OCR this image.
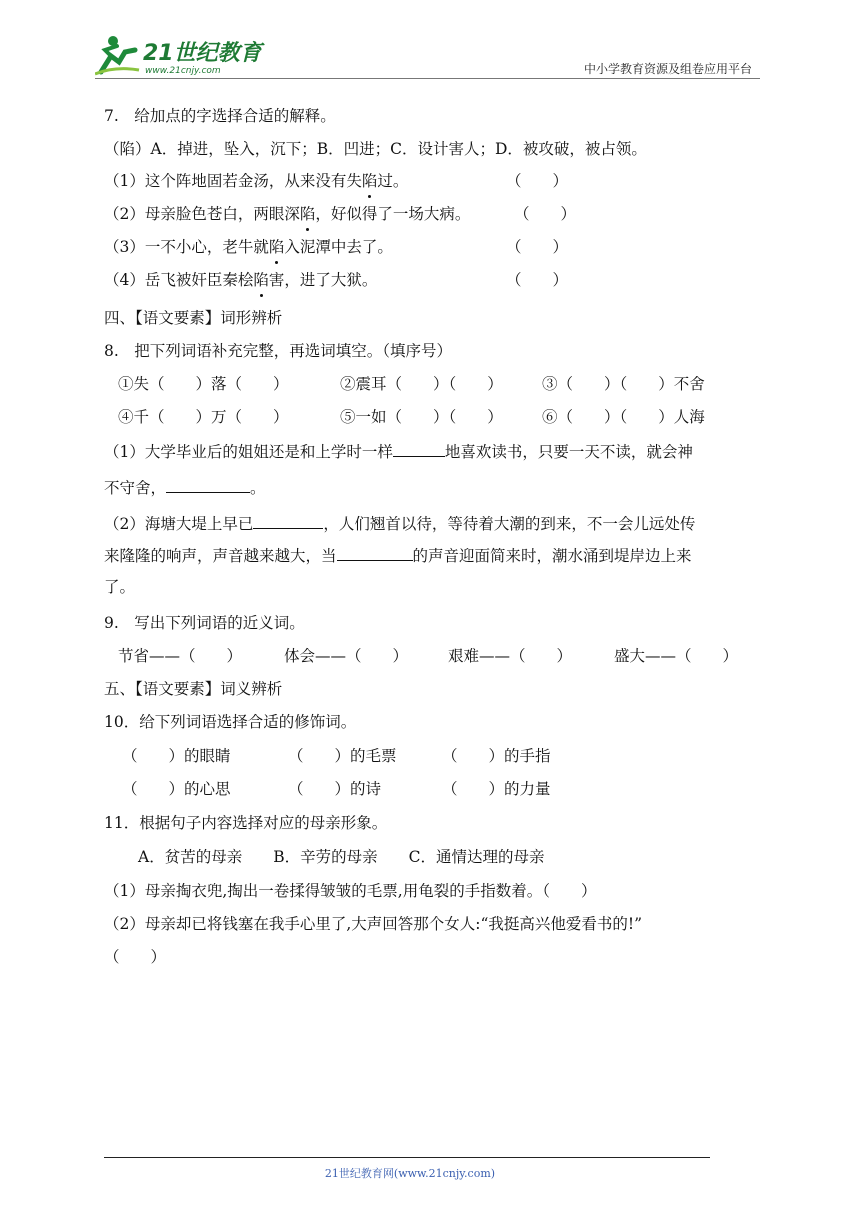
21世纪教育
www.21cnjy.com	中小学教育资源及组卷应用平台
7.　给加点的字选择合适的解释。
（陷）A．掉进，坠入，沉下；B．凹进；C．设计害人；D．被攻破，被占领。
（1）这个阵地固若金汤，从来没有失陷过。	（　　）
（2）母亲脸色苍白，两眼深陷，好似得了一场大病。	（　　）
（3）一不小心，老牛就陷入泥潭中去了。	（　　）
（4）岳飞被奸臣秦桧陷害，进了大狱。	（　　）
四、【语文要素】词形辨析
8.　把下列词语补充完整，再选词填空。（填序号）
①失（　　）落（　　）	②震耳（　　）（　　）	③（　　）（　　）不舍
④千（　　）万（　　）	⑤一如（　　）（　　）	⑥（　　）（　　）人海
（1）大学毕业后的姐姐还是和上学时一样	地喜欢读书，只要一天不读，就会神
不守舍，	。
（2）海塘大堤上早已	，人们翘首以待，等待着大潮的到来，不一会儿远处传
来隆隆的响声，声音越来越大，当	的声音迎面简来时，潮水涌到堤岸边上来
了。
9.　写出下列词语的近义词。
节省——（　　）	体会——（　　）	艰难——（　　）	盛大——（　　）
五、【语文要素】词义辨析
10．给下列词语选择合适的修饰词。
（　　）的眼睛	（　　）的毛票	（　　）的手指
（　　）的心思	（　　）的诗	（　　）的力量
11．根据句子内容选择对应的母亲形象。
A．贫苦的母亲　　B．辛劳的母亲　　C．通情达理的母亲
（1）母亲掏衣兜,掏出一卷揉得皱皱的毛票,用龟裂的手指数着。（　　）
（2）母亲却已将钱塞在我手心里了,大声回答那个女人:“我挺高兴他爱看书的!”
（　　）
21世纪教育网(www.21cnjy.com)
